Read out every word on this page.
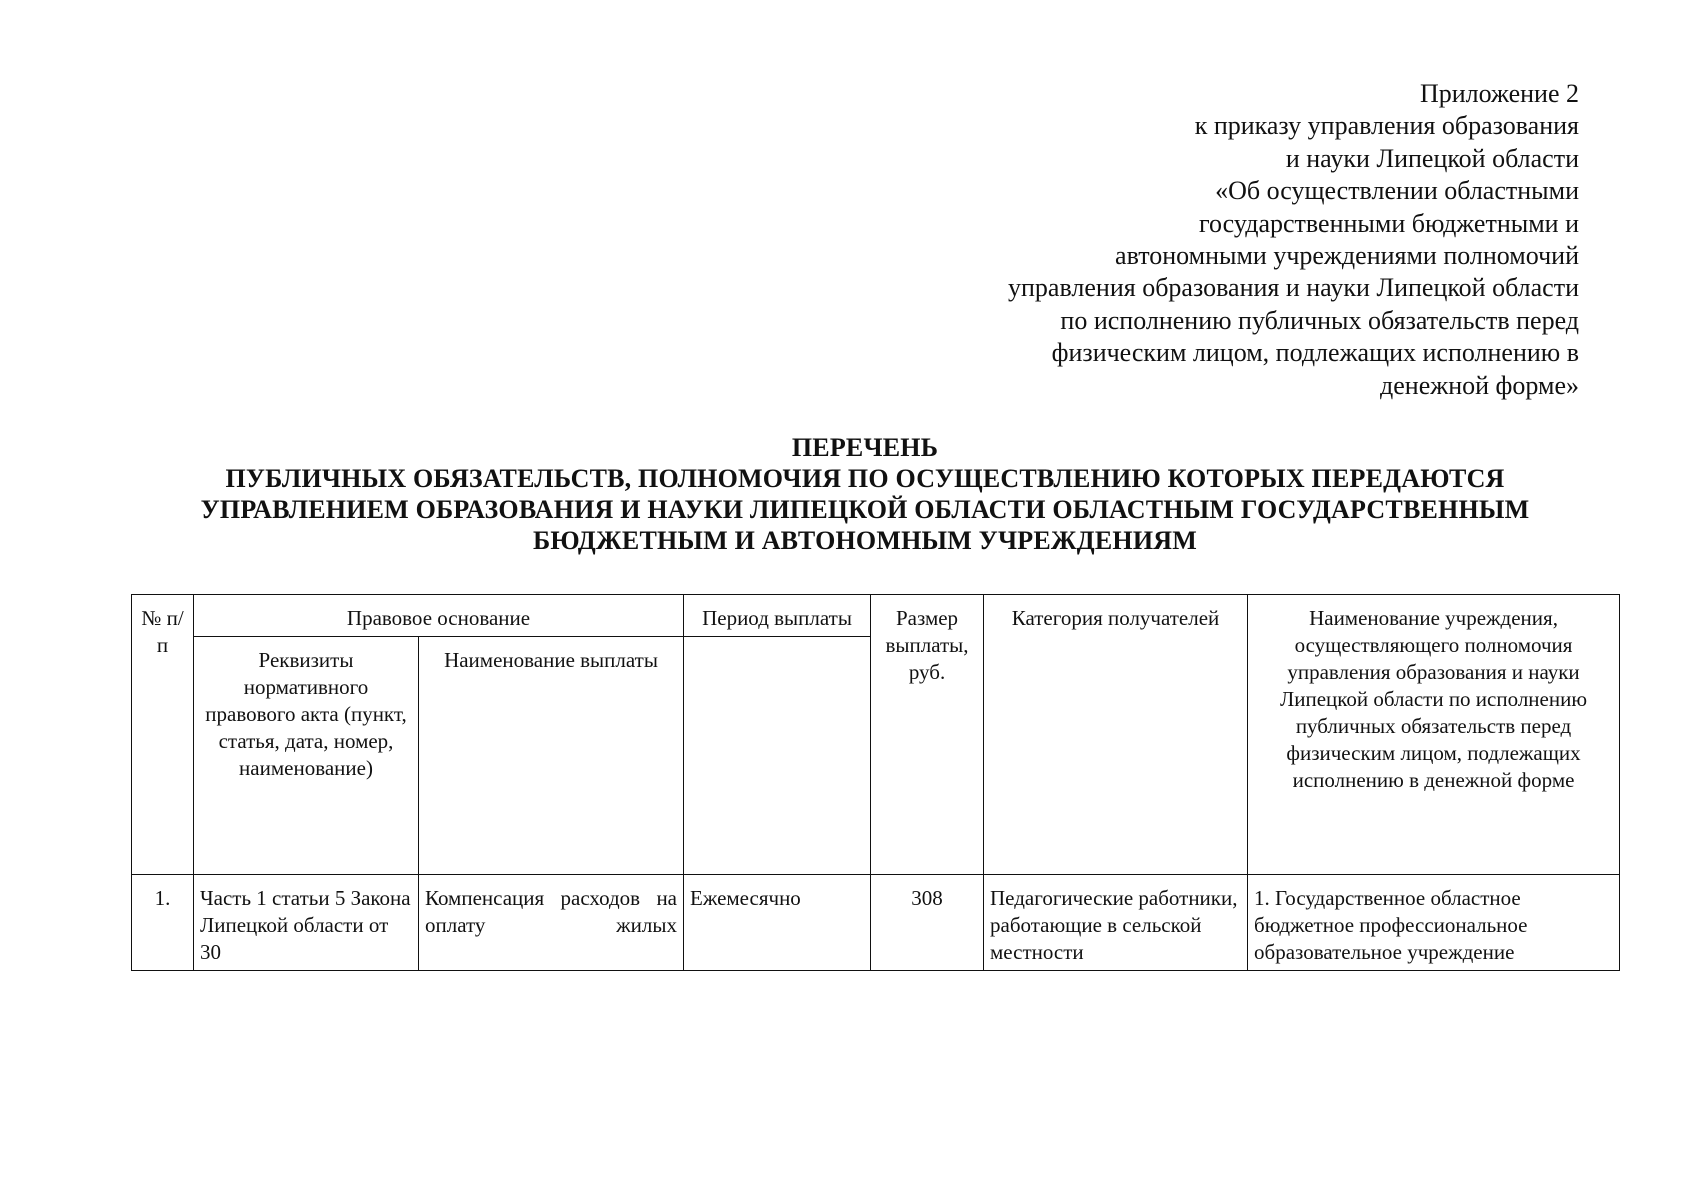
Приложение 2
к приказу управления образования
и науки Липецкой области
«Об осуществлении областными
государственными бюджетными и
автономными учреждениями полномочий
управления образования и науки Липецкой области
по исполнению публичных обязательств перед
физическим лицом, подлежащих исполнению в
денежной форме»
ПЕРЕЧЕНЬ
ПУБЛИЧНЫХ ОБЯЗАТЕЛЬСТВ, ПОЛНОМОЧИЯ ПО ОСУЩЕСТВЛЕНИЮ КОТОРЫХ ПЕРЕДАЮТСЯ
УПРАВЛЕНИЕМ ОБРАЗОВАНИЯ И НАУКИ ЛИПЕЦКОЙ ОБЛАСТИ ОБЛАСТНЫМ ГОСУДАРСТВЕННЫМ
БЮДЖЕТНЫМ И АВТОНОМНЫМ УЧРЕЖДЕНИЯМ
№ п/п	Правовое основание		Период выплаты	Размер выплаты, руб.	Категория получателей	Наименование учреждения, осуществляющего полномочия управления образования и науки Липецкой области по исполнению публичных обязательств перед физическим лицом, подлежащих исполнению в денежной форме
	Реквизиты нормативного правового акта (пункт, статья, дата, номер, наименование)	Наименование выплаты				
1.	Часть 1 статьи 5 Закона Липецкой области от 30	Компенсация расходов на оплату жилых	Ежемесячно	308	Педагогические работники, работающие в сельской местности	1. Государственное областное бюджетное профессиональное образовательное учреждение
